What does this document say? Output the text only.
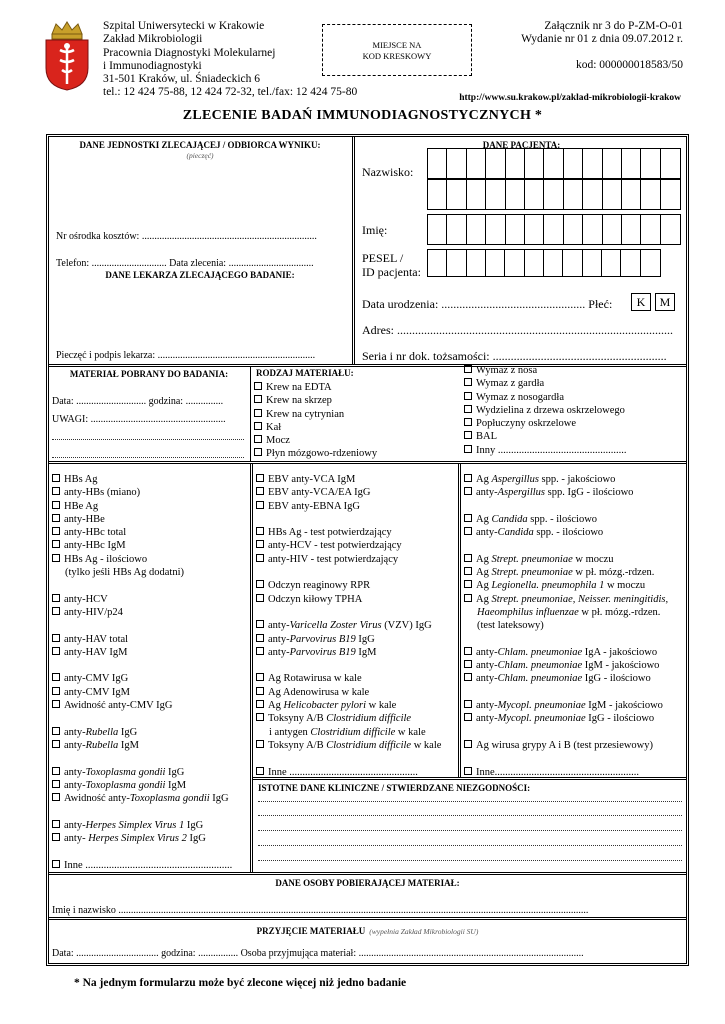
Szpital Uniwersytecki w Krakowie
Zakład Mikrobiologii
Pracownia Diagnostyki Molekularnej
i Immunodiagnostyki
31-501 Kraków, ul. Śniadeckich 6
tel.: 12 424 75-88, 12 424 72-32, tel./fax: 12 424 75-80
MIEJSCE NA
KOD KRESKOWY
Załącznik nr 3 do P-ZM-O-01
Wydanie nr 01 z dnia 09.07.2012 r.
kod: 000000018583/50
http://www.su.krakow.pl/zaklad-mikrobiologii-krakow
ZLECENIE BADAŃ IMMUNODIAGNOSTYCZNYCH *
DANE JEDNOSTKI ZLECAJĄCEJ / ODBIORCA WYNIKU:
(pieczęć)
Nr ośrodka kosztów: ......................................................................
Telefon: .............................. Data zlecenia: ..................................
DANE LEKARZA ZLECAJĄCEGO BADANIE:
Pieczęć i podpis lekarza: ...............................................................
DANE PACJENTA:
Nazwisko:
Imię:
PESEL /
ID pacjenta:
Data urodzenia: ................................................ Płeć:	K	M
Adres: ............................................................................................
Seria i nr dok. tożsamości: ..........................................................
MATERIAŁ POBRANY DO BADANIA:
Data: ............................ godzina: ...............
UWAGI: ......................................................
RODZAJ MATERIAŁU:
Krew na EDTA
Krew na skrzep
Krew na cytrynian
Kał
Mocz
Płyn mózgowo-rdzeniowy
Wymaz z nosa
Wymaz z gardła
Wymaz z nosogardła
Wydzielina z drzewa oskrzelowego
Popłuczyny oskrzelowe
BAL
Inny .................................................
HBs Ag
anty-HBs (miano)
HBe Ag
anty-HBe
anty-HBc total
anty-HBc IgM
HBs Ag - ilościowo
(tylko jeśli HBs Ag dodatni)
anty-HCV
anty-HIV/p24
anty-HAV total
anty-HAV IgM
anty-CMV IgG
anty-CMV IgM
Awidność anty-CMV IgG
anty-Rubella IgG
anty-Rubella IgM
anty-Toxoplasma gondii IgG
anty-Toxoplasma gondii IgM
Awidność anty-Toxoplasma gondii IgG
anty-Herpes Simplex Virus 1 IgG
anty- Herpes Simplex Virus 2 IgG
Inne ........................................................
EBV anty-VCA IgM
EBV anty-VCA/EA IgG
EBV anty-EBNA IgG
HBs Ag - test potwierdzający
anty-HCV - test potwierdzający
anty-HIV - test potwierdzający
Odczyn reaginowy RPR
Odczyn kiłowy TPHA
anty-Varicella Zoster Virus (VZV) IgG
anty-Parvovirus B19 IgG
anty-Parvovirus B19 IgM
Ag Rotawirusa w kale
Ag Adenowirusa w kale
Ag Helicobacter pylori w kale
Toksyny A/B Clostridium difficile
i antygen Clostridium difficile w kale
Toksyny A/B Clostridium difficile w kale
Inne .................................................
Ag Aspergillus spp. - jakościowo
anty-Aspergillus spp. IgG - ilościowo
Ag Candida spp. - ilościowo
anty-Candida spp. - ilościowo
Ag Strept. pneumoniae w moczu
Ag Strept. pneumoniae w pł. mózg.-rdzen.
Ag Legionella. pneumophila 1 w moczu
Ag Strept. pneumoniae, Neisser. meningitidis,
Haeomphilus influenzae w pł. mózg.-rdzen.
(test lateksowy)
anty-Chlam. pneumoniae IgA - jakościowo
anty-Chlam. pneumoniae IgM - jakościowo
anty-Chlam. pneumoniae IgG - ilościowo
anty-Mycopl. pneumoniae IgM - jakościowo
anty-Mycopl. pneumoniae IgG - ilościowo
Ag wirusa grypy A i B (test przesiewowy)
Inne.......................................................
ISTOTNE DANE KLINICZNE / STWIERDZANE NIEZGODNOŚCI:
DANE OSOBY POBIERAJĄCEJ MATERIAŁ:
Imię i nazwisko ............................................................................................................................................................................................
PRZYJĘCIE MATERIAŁU (wypełnia Zakład Mikrobiologii SU)
Data: ................................. godzina: ................ Osoba przyjmująca materiał: ..........................................................................................
* Na jednym formularzu może być zlecone więcej niż jedno badanie
